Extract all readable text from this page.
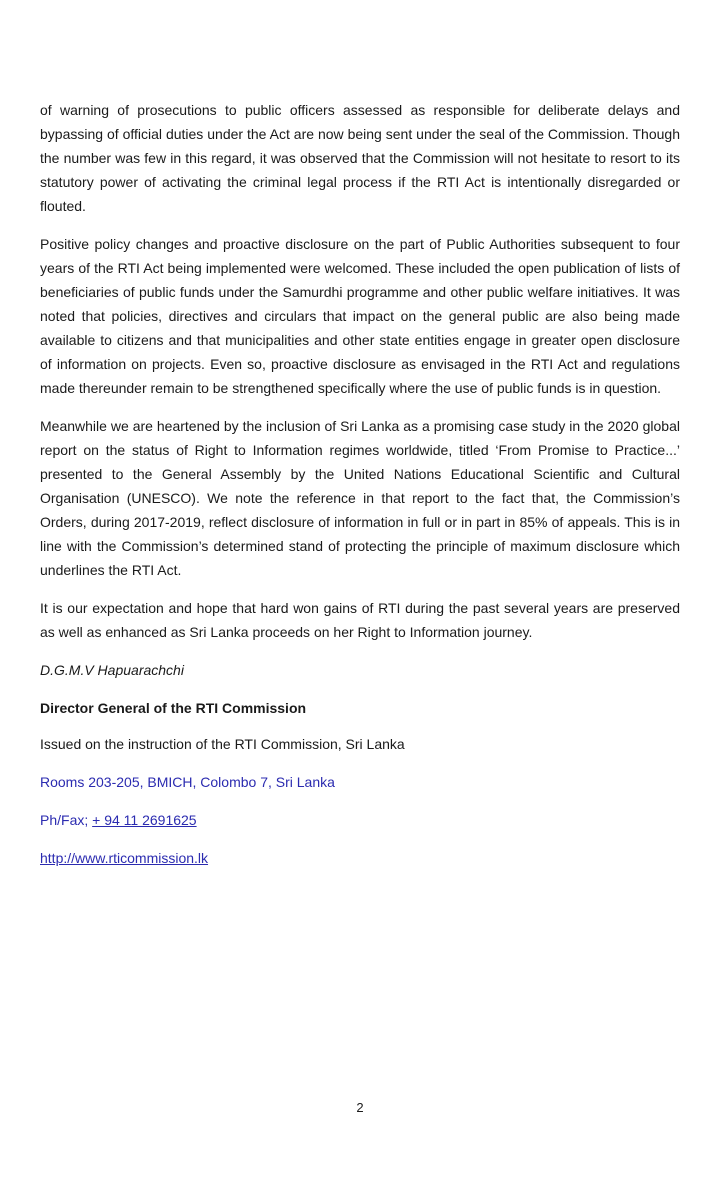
of warning of prosecutions to public officers assessed as responsible for deliberate delays and bypassing of official duties under the Act are now being sent under the seal of the Commission. Though the number was few in this regard, it was observed that the Commission will not hesitate to resort to its statutory power of activating the criminal legal process if the RTI Act is intentionally disregarded or flouted.

Positive policy changes and proactive disclosure on the part of Public Authorities subsequent to four years of the RTI Act being implemented were welcomed. These included the open publication of lists of beneficiaries of public funds under the Samurdhi programme and other public welfare initiatives. It was noted that policies, directives and circulars that impact on the general public are also being made available to citizens and that municipalities and other state entities engage in greater open disclosure of information on projects. Even so, proactive disclosure as envisaged in the RTI Act and regulations made thereunder remain to be strengthened specifically where the use of public funds is in question.

Meanwhile we are heartened by the inclusion of Sri Lanka as a promising case study in the 2020 global report on the status of Right to Information regimes worldwide, titled ‘From Promise to Practice...’ presented to the General Assembly by the United Nations Educational Scientific and Cultural Organisation (UNESCO). We note the reference in that report to the fact that, the Commission’s Orders, during 2017-2019, reflect disclosure of information in full or in part in 85% of appeals. This is in line with the Commission’s determined stand of protecting the principle of maximum disclosure which underlines the RTI Act.

It is our expectation and hope that hard won gains of RTI during the past several years are preserved as well as enhanced as Sri Lanka proceeds on her Right to Information journey.

D.G.M.V Hapuarachchi

Director General of the RTI Commission

Issued on the instruction of the RTI Commission, Sri Lanka

Rooms 203-205, BMICH, Colombo 7, Sri Lanka

Ph/Fax; + 94 11 2691625

http://www.rticommission.lk
2
